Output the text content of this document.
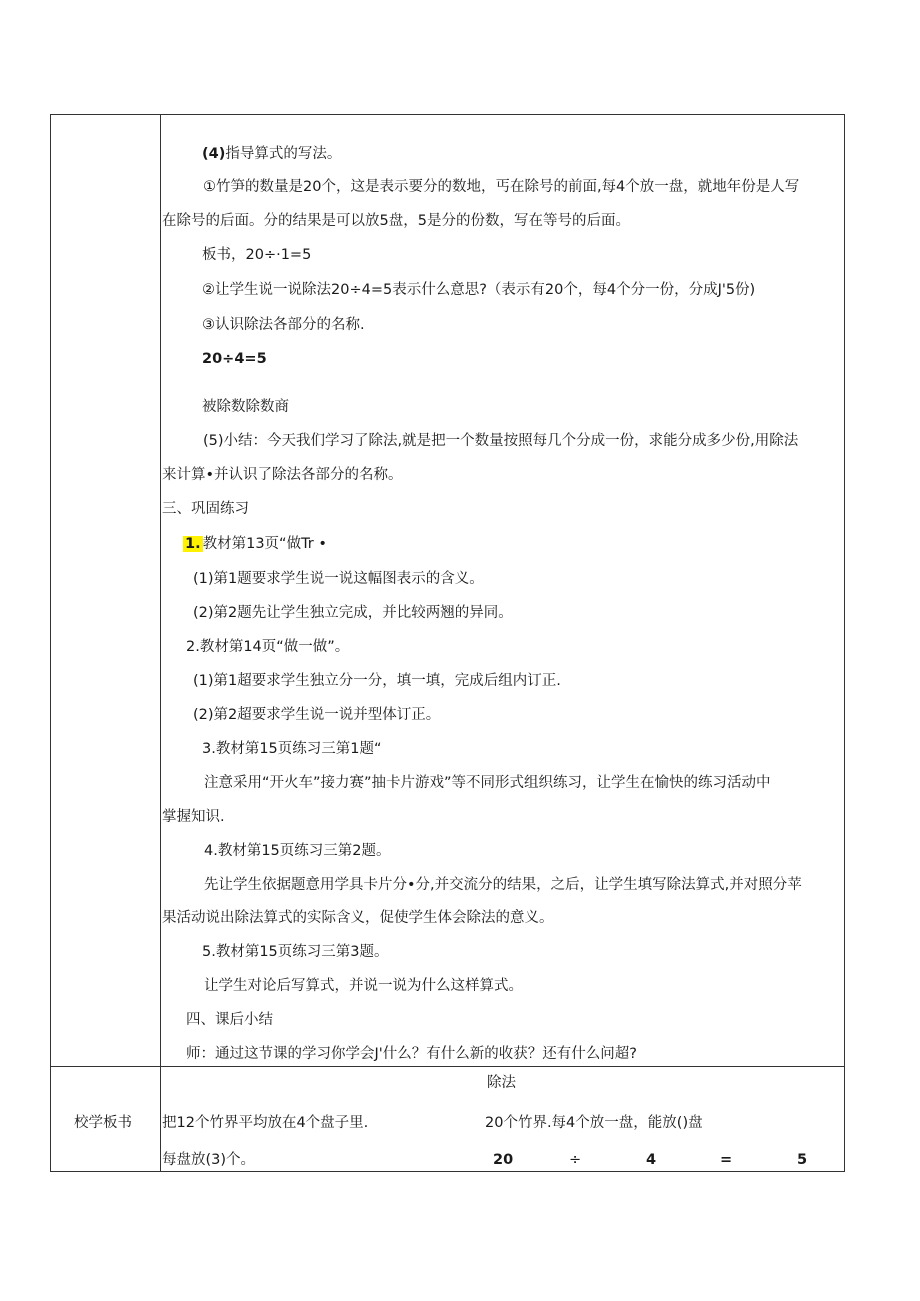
(4)指导算式的写法。
①竹笋的数量是20个，这是表示要分的数地，丐在除号的前面,每4个放一盘，就地年份是人写
在除号的后面。分的结果是可以放5盘，5是分的份数，写在等号的后面。
板书，20÷·1=5
②让学生说一说除法20÷4=5表示什么意思?（表示有20个，每4个分一份，分成J'5份)
③认识除法各部分的名称.
20÷4=5
被除数除数商
(5)小结：今天我们学习了除法,就是把一个数量按照每几个分成一份，求能分成多少份,用除法
来计算•并认识了除法各部分的名称。
三、巩固练习
1. 教材第13页“做Tr •
(1)第1题要求学生说一说这幅图表示的含义。
(2)第2题先让学生独立完成，并比较两翘的异同。
2.教材第14页“做一做”。
(1)第1超要求学生独立分一分，填一填，完成后组内订正.
(2)第2超要求学生说一说并型体订正。
3.教材第15页练习三第1题“
注意采用“开火车”接力赛”抽卡片游戏”等不同形式组织练习，让学生在愉快的练习活动中
掌握知识.
4.教材第15页练习三第2题。
先让学生依据题意用学具卡片分•分,并交流分的结果，之后，让学生填写除法算式,并对照分苹
果活动说出除法算式的实际含义，促使学生体会除法的意义。
5.教材第15页练习三第3题。
让学生对论后写算式，并说一说为什么这样算式。
四、课后小结
师：通过这节课的学习你学会J'什么？有什么新的收获？还有什么问超?
校学板书
除法
把12个竹界平均放在4个盘子里.	20个竹界.每4个放一盘，能放()盘
每盘放(3)个。	20	÷	4	=	5
